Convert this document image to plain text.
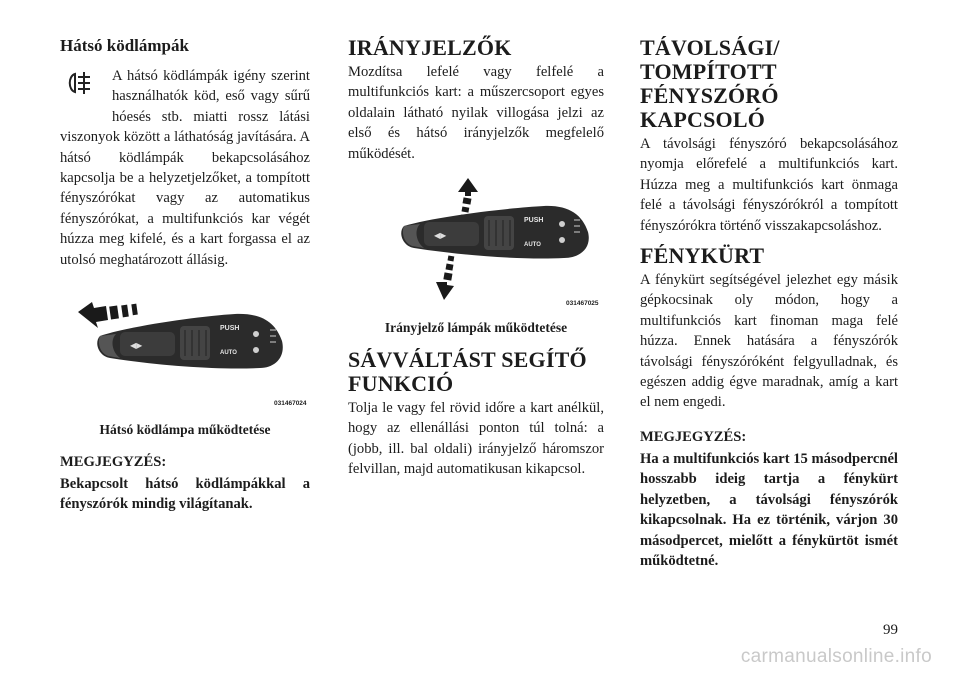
Hátsó ködlámpák

A hátsó ködlámpák igény szerint használhatók köd, eső vagy sűrű hóesés stb. miatti rossz látási viszonyok között a láthatóság javítására. A hátsó ködlámpák bekapcsolásához kapcsolja be a helyzetjelzőket, a tompított fényszórókat vagy az automatikus fényszórókat, a multifunkciós kar végét húzza meg kifelé, és a kart forgassa el az utolsó meghatározott állásig.

◀▶
PUSH
AUTO
031467024

Hátsó ködlámpa működtetése

MEGJEGYZÉS:

Bekapcsolt hátsó ködlámpákkal a fényszórók mindig világítanak.

IRÁNYJELZŐK

Mozdítsa lefelé vagy felfelé a multifunkciós kart: a műszercsoport egyes oldalain látható nyilak villogása jelzi az első és hátsó irányjelzők megfelelő működését.

◀▶
PUSH
AUTO
031467025

Irányjelző lámpák működtetése

SÁVVÁLTÁST SEGÍTŐ FUNKCIÓ

Tolja le vagy fel rövid időre a kart anélkül, hogy az ellenállási ponton túl tolná: a (jobb, ill. bal oldali) irányjelző háromszor felvillan, majd automatikusan kikapcsol.

TÁVOLSÁGI/ TOMPÍTOTT FÉNYSZÓRÓ KAPCSOLÓ

A távolsági fényszóró bekapcsolásához nyomja előrefelé a multifunkciós kart. Húzza meg a multifunkciós kart önmaga felé a távolsági fényszórókról a tompított fényszórókra történő visszakapcsoláshoz.

FÉNYKÜRT

A fénykürt segítségével jelezhet egy másik gépkocsinak oly módon, hogy a multifunkciós kart finoman maga felé húzza. Ennek hatására a fényszórók távolsági fényszóróként felgyulladnak, és egészen addig égve maradnak, amíg a kart el nem engedi.

MEGJEGYZÉS:

Ha a multifunkciós kart 15 másodpercnél hosszabb ideig tartja a fénykürt helyzetben, a távolsági fényszórók kikapcsolnak. Ha ez történik, várjon 30 másodpercet, mielőtt a fénykürtöt ismét működtetné.

99
carmanualsonline.info
